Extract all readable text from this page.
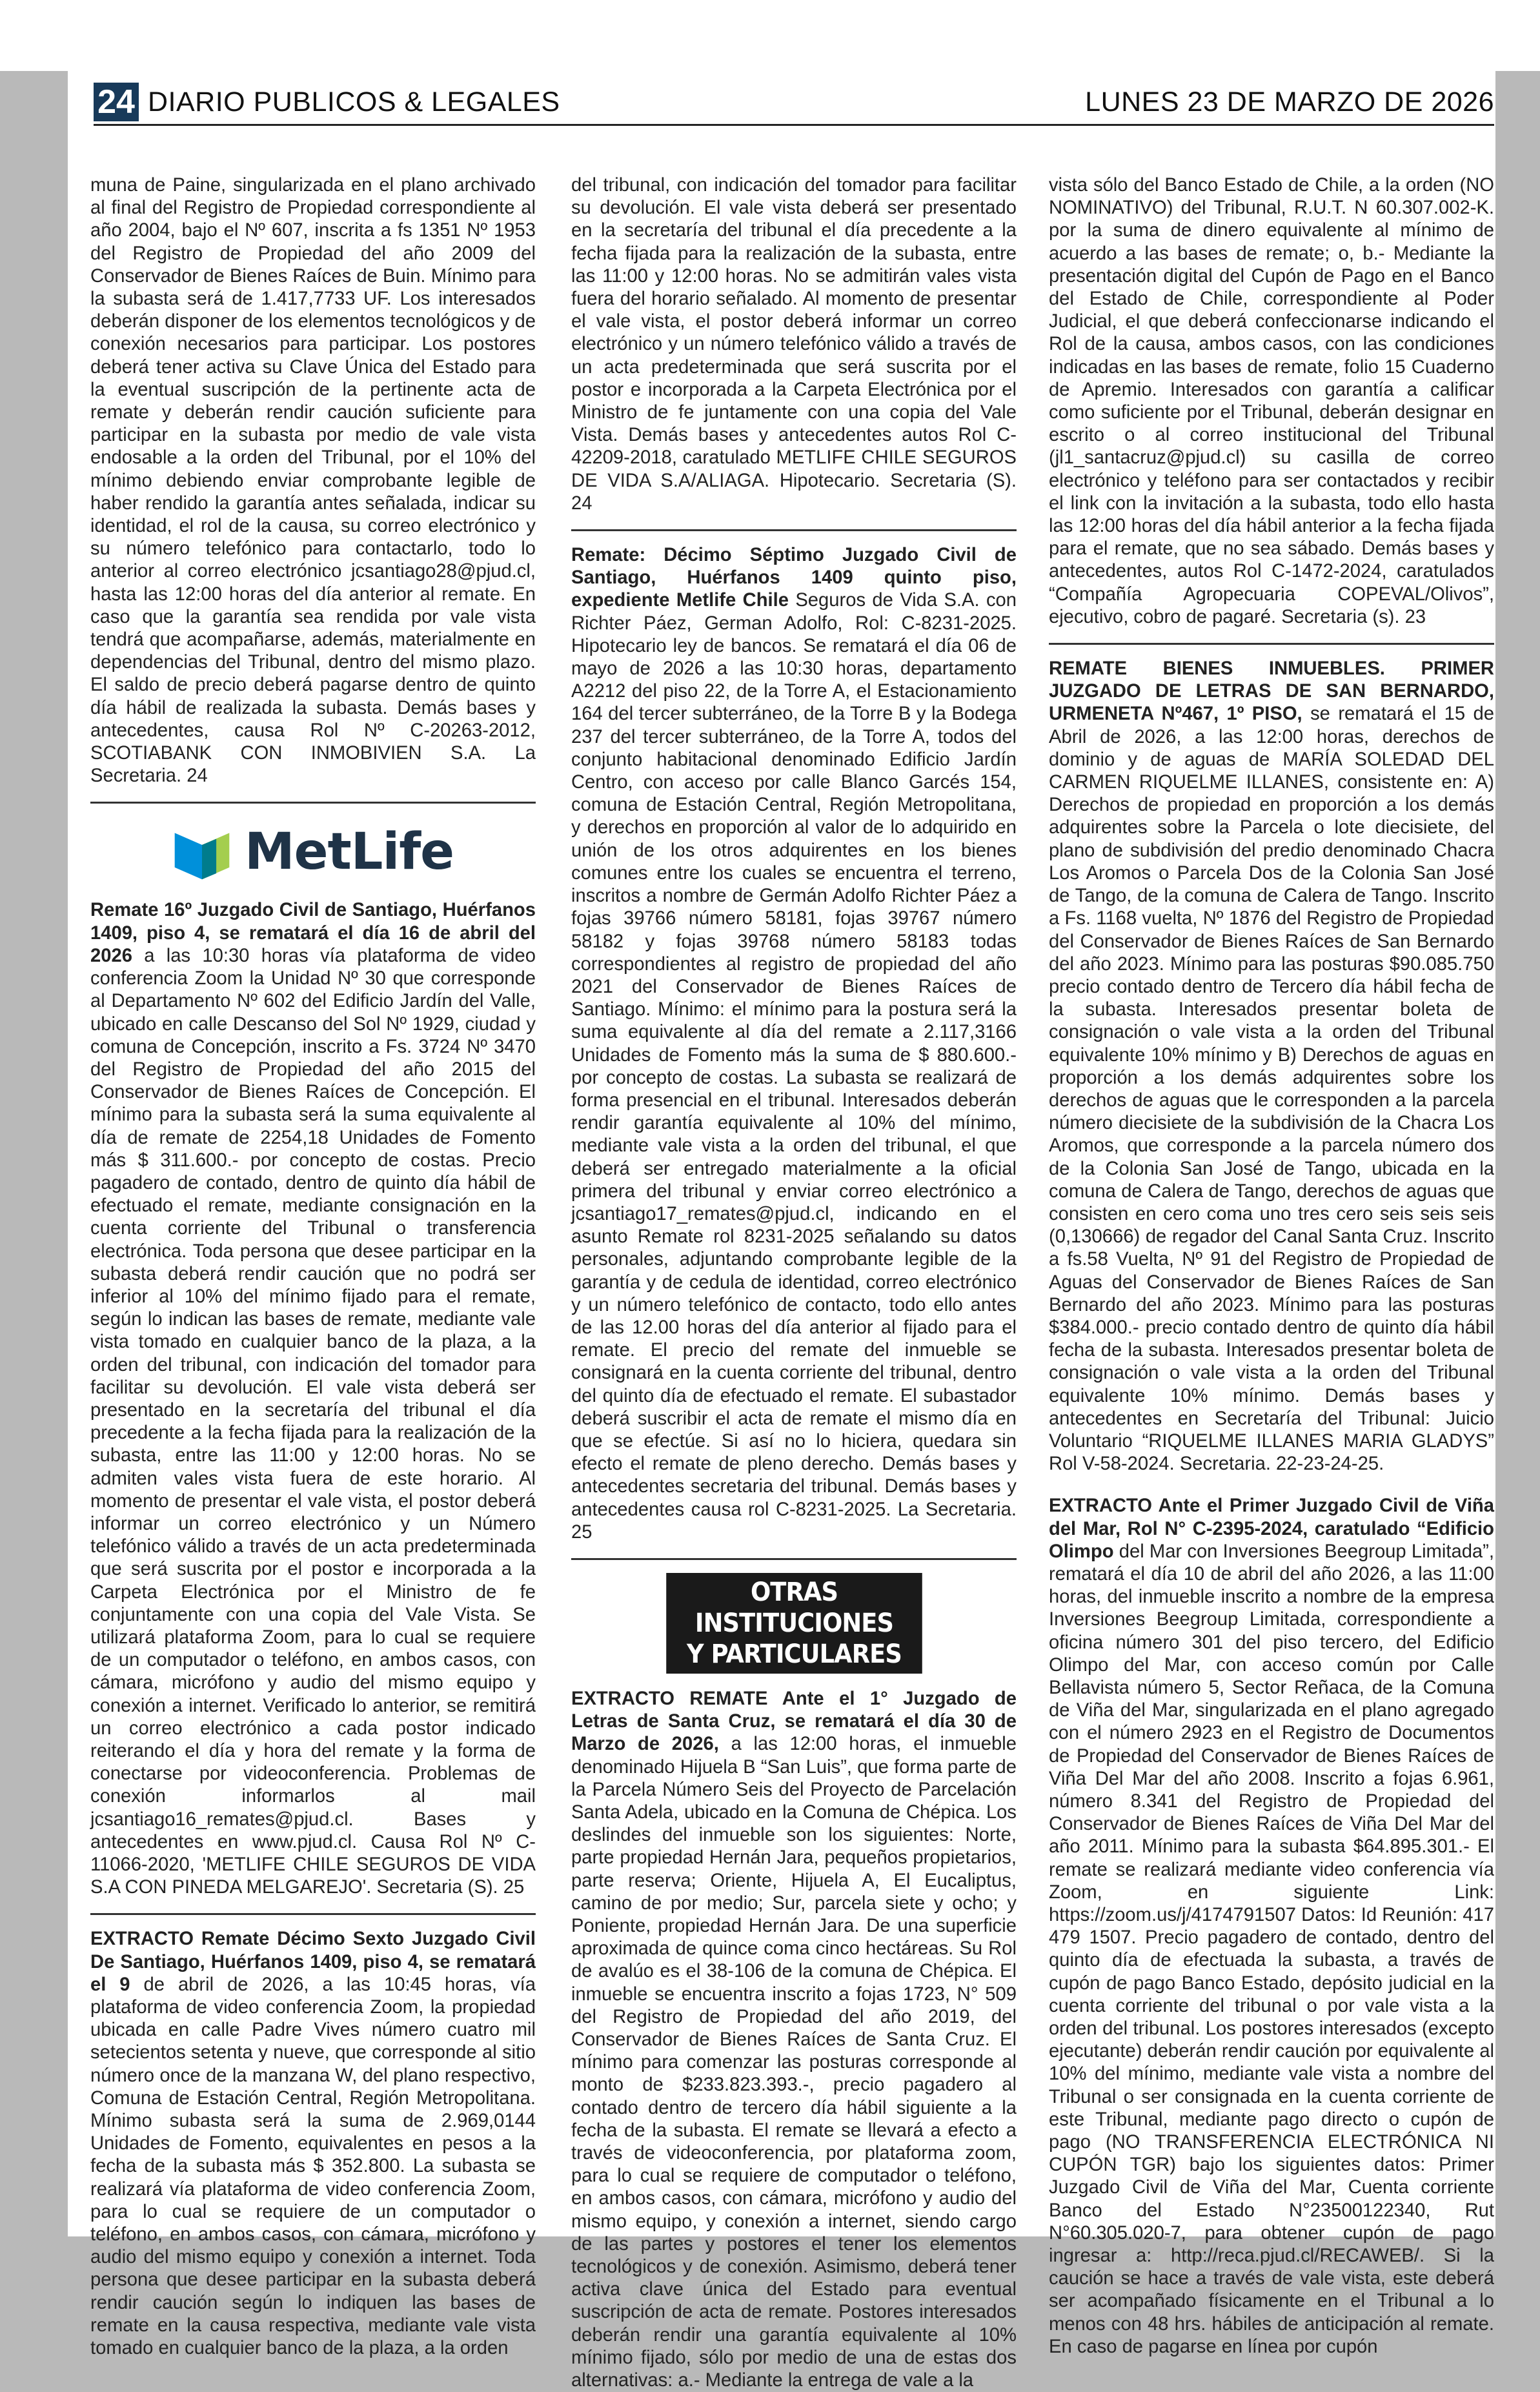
24 DIARIO PUBLICOS & LEGALES	LUNES 23 DE MARZO DE 2026

muna de Paine, singularizada en el plano archivado al final del Registro de Propiedad correspondiente al año 2004, bajo el Nº 607, inscrita a fs 1351 Nº 1953 del Registro de Propiedad del año 2009 del Conservador de Bienes Raíces de Buin. Mínimo para la subasta será de 1.417,7733 UF. Los interesados deberán disponer de los elementos tecnológicos y de conexión necesarios para participar. Los postores deberá tener activa su Clave Única del Estado para la eventual suscripción de la pertinente acta de remate y deberán rendir caución suficiente para participar en la subasta por medio de vale vista endosable a la orden del Tribunal, por el 10% del mínimo debiendo enviar comprobante legible de haber rendido la garantía antes señalada, indicar su identidad, el rol de la causa, su correo electrónico y su número telefónico para contactarlo, todo lo anterior al correo electrónico jcsantiago28@pjud.cl, hasta las 12:00 horas del día anterior al remate. En caso que la garantía sea rendida por vale vista tendrá que acompañarse, además, materialmente en dependencias del Tribunal, dentro del mismo plazo. El saldo de precio deberá pagarse dentro de quinto día hábil de realizada la subasta. Demás bases y antecedentes, causa Rol Nº C-20263-2012, SCOTIABANK CON INMOBIVIEN S.A. La Secretaria. 24

MetLife

Remate 16º Juzgado Civil de Santiago, Huérfanos 1409, piso 4, se rematará el día 16 de abril del 2026 a las 10:30 horas vía plataforma de video conferencia Zoom la Unidad Nº 30 que corresponde al Departamento Nº 602 del Edificio Jardín del Valle, ubicado en calle Descanso del Sol Nº 1929, ciudad y comuna de Concepción, inscrito a Fs. 3724 Nº 3470 del Registro de Propiedad del año 2015 del Conservador de Bienes Raíces de Concepción. El mínimo para la subasta será la suma equivalente al día de remate de 2254,18 Unidades de Fomento más $ 311.600.- por concepto de costas. Precio pagadero de contado, dentro de quinto día hábil de efectuado el remate, mediante consignación en la cuenta corriente del Tribunal o transferencia electrónica. Toda persona que desee participar en la subasta deberá rendir caución que no podrá ser inferior al 10% del mínimo fijado para el remate, según lo indican las bases de remate, mediante vale vista tomado en cualquier banco de la plaza, a la orden del tribunal, con indicación del tomador para facilitar su devolución. El vale vista deberá ser presentado en la secretaría del tribunal el día precedente a la fecha fijada para la realización de la subasta, entre las 11:00 y 12:00 horas. No se admiten vales vista fuera de este horario. Al momento de presentar el vale vista, el postor deberá informar un correo electrónico y un Número telefónico válido a través de un acta predeterminada que será suscrita por el postor e incorporada a la Carpeta Electrónica por el Ministro de fe conjuntamente con una copia del Vale Vista. Se utilizará plataforma Zoom, para lo cual se requiere de un computador o teléfono, en ambos casos, con cámara, micrófono y audio del mismo equipo y conexión a internet. Verificado lo anterior, se remitirá un correo electrónico a cada postor indicado reiterando el día y hora del remate y la forma de conectarse por videoconferencia. Problemas de conexión informarlos al mail jcsantiago16_remates@pjud.cl. Bases y antecedentes en www.pjud.cl. Causa Rol Nº C-11066-2020, 'METLIFE CHILE SEGUROS DE VIDA S.A CON PINEDA MELGAREJO'. Secretaria (S). 25

EXTRACTO Remate Décimo Sexto Juzgado Civil De Santiago, Huérfanos 1409, piso 4, se rematará el 9 de abril de 2026, a las 10:45 horas, vía plataforma de video conferencia Zoom, la propiedad ubicada en calle Padre Vives número cuatro mil setecientos setenta y nueve, que corresponde al sitio número once de la manzana W, del plano respectivo, Comuna de Estación Central, Región Metropolitana. Mínimo subasta será la suma de 2.969,0144 Unidades de Fomento, equivalentes en pesos a la fecha de la subasta más $ 352.800. La subasta se realizará vía plataforma de video conferencia Zoom, para lo cual se requiere de un computador o teléfono, en ambos casos, con cámara, micrófono y audio del mismo equipo y conexión a internet. Toda persona que desee participar en la subasta deberá rendir caución según lo indiquen las bases de remate en la causa respectiva, mediante vale vista tomado en cualquier banco de la plaza, a la orden

del tribunal, con indicación del tomador para facilitar su devolución. El vale vista deberá ser presentado en la secretaría del tribunal el día precedente a la fecha fijada para la realización de la subasta, entre las 11:00 y 12:00 horas. No se admitirán vales vista fuera del horario señalado. Al momento de presentar el vale vista, el postor deberá informar un correo electrónico y un número telefónico válido a través de un acta predeterminada que será suscrita por el postor e incorporada a la Carpeta Electrónica por el Ministro de fe juntamente con una copia del Vale Vista. Demás bases y antecedentes autos Rol C-42209-2018, caratulado METLIFE CHILE SEGUROS DE VIDA S.A/ALIAGA. Hipotecario. Secretaria (S). 24

Remate: Décimo Séptimo Juzgado Civil de Santiago, Huérfanos 1409 quinto piso, expediente Metlife Chile Seguros de Vida S.A. con Richter Páez, German Adolfo, Rol: C-8231-2025. Hipotecario ley de bancos. Se rematará el día 06 de mayo de 2026 a las 10:30 horas, departamento A2212 del piso 22, de la Torre A, el Estacionamiento 164 del tercer subterráneo, de la Torre B y la Bodega 237 del tercer subterráneo, de la Torre A, todos del conjunto habitacional denominado Edificio Jardín Centro, con acceso por calle Blanco Garcés 154, comuna de Estación Central, Región Metropolitana, y derechos en proporción al valor de lo adquirido en unión de los otros adquirentes en los bienes comunes entre los cuales se encuentra el terreno, inscritos a nombre de Germán Adolfo Richter Páez a fojas 39766 número 58181, fojas 39767 número 58182 y fojas 39768 número 58183 todas correspondientes al registro de propiedad del año 2021 del Conservador de Bienes Raíces de Santiago. Mínimo: el mínimo para la postura será la suma equivalente al día del remate a 2.117,3166 Unidades de Fomento más la suma de $ 880.600.- por concepto de costas. La subasta se realizará de forma presencial en el tribunal. Interesados deberán rendir garantía equivalente al 10% del mínimo, mediante vale vista a la orden del tribunal, el que deberá ser entregado materialmente a la oficial primera del tribunal y enviar correo electrónico a jcsantiago17_remates@pjud.cl, indicando en el asunto Remate rol 8231-2025 señalando su datos personales, adjuntando comprobante legible de la garantía y de cedula de identidad, correo electrónico y un número telefónico de contacto, todo ello antes de las 12.00 horas del día anterior al fijado para el remate. El precio del remate del inmueble se consignará en la cuenta corriente del tribunal, dentro del quinto día de efectuado el remate. El subastador deberá suscribir el acta de remate el mismo día en que se efectúe. Si así no lo hiciera, quedara sin efecto el remate de pleno derecho. Demás bases y antecedentes secretaria del tribunal. Demás bases y antecedentes causa rol C-8231-2025. La Secretaria. 25

OTRAS INSTITUCIONES
Y PARTICULARES

EXTRACTO REMATE Ante el 1° Juzgado de Letras de Santa Cruz, se rematará el día 30 de Marzo de 2026, a las 12:00 horas, el inmueble denominado Hijuela B “San Luis”, que forma parte de la Parcela Número Seis del Proyecto de Parcelación Santa Adela, ubicado en la Comuna de Chépica. Los deslindes del inmueble son los siguientes: Norte, parte propiedad Hernán Jara, pequeños propietarios, parte reserva; Oriente, Hijuela A, El Eucaliptus, camino de por medio; Sur, parcela siete y ocho; y Poniente, propiedad Hernán Jara. De una superficie aproximada de quince coma cinco hectáreas. Su Rol de avalúo es el 38-106 de la comuna de Chépica. El inmueble se encuentra inscrito a fojas 1723, N° 509 del Registro de Propiedad del año 2019, del Conservador de Bienes Raíces de Santa Cruz. El mínimo para comenzar las posturas corresponde al monto de $233.823.393.-, precio pagadero al contado dentro de tercero día hábil siguiente a la fecha de la subasta. El remate se llevará a efecto a través de videoconferencia, por plataforma zoom, para lo cual se requiere de computador o teléfono, en ambos casos, con cámara, micrófono y audio del mismo equipo, y conexión a internet, siendo cargo de las partes y postores el tener los elementos tecnológicos y de conexión. Asimismo, deberá tener activa clave única del Estado para eventual suscripción de acta de remate. Postores interesados deberán rendir una garantía equivalente al 10% mínimo fijado, sólo por medio de una de estas dos alternativas: a.- Mediante la entrega de vale a la

vista sólo del Banco Estado de Chile, a la orden (NO NOMINATIVO) del Tribunal, R.U.T. N 60.307.002-K. por la suma de dinero equivalente al mínimo de acuerdo a las bases de remate; o, b.- Mediante la presentación digital del Cupón de Pago en el Banco del Estado de Chile, correspondiente al Poder Judicial, el que deberá confeccionarse indicando el Rol de la causa, ambos casos, con las condiciones indicadas en las bases de remate, folio 15 Cuaderno de Apremio. Interesados con garantía a calificar como suficiente por el Tribunal, deberán designar en escrito o al correo institucional del Tribunal (jl1_santacruz@pjud.cl) su casilla de correo electrónico y teléfono para ser contactados y recibir el link con la invitación a la subasta, todo ello hasta las 12:00 horas del día hábil anterior a la fecha fijada para el remate, que no sea sábado. Demás bases y antecedentes, autos Rol C-1472-2024, caratulados “Compañía Agropecuaria COPEVAL/Olivos”, ejecutivo, cobro de pagaré. Secretaria (s). 23

REMATE BIENES INMUEBLES. PRIMER JUZGADO DE LETRAS DE SAN BERNARDO, URMENETA Nº467, 1º PISO, se rematará el 15 de Abril de 2026, a las 12:00 horas, derechos de dominio y de aguas de MARÍA SOLEDAD DEL CARMEN RIQUELME ILLANES, consistente en: A) Derechos de propiedad en proporción a los demás adquirentes sobre la Parcela o lote diecisiete, del plano de subdivisión del predio denominado Chacra Los Aromos o Parcela Dos de la Colonia San José de Tango, de la comuna de Calera de Tango. Inscrito a Fs. 1168 vuelta, Nº 1876 del Registro de Propiedad del Conservador de Bienes Raíces de San Bernardo del año 2023. Mínimo para las posturas $90.085.750 precio contado dentro de Tercero día hábil fecha de la subasta. Interesados presentar boleta de consignación o vale vista a la orden del Tribunal equivalente 10% mínimo y B) Derechos de aguas en proporción a los demás adquirentes sobre los derechos de aguas que le corresponden a la parcela número diecisiete de la subdivisión de la Chacra Los Aromos, que corresponde a la parcela número dos de la Colonia San José de Tango, ubicada en la comuna de Calera de Tango, derechos de aguas que consisten en cero coma uno tres cero seis seis seis (0,130666) de regador del Canal Santa Cruz. Inscrito a fs.58 Vuelta, Nº 91 del Registro de Propiedad de Aguas del Conservador de Bienes Raíces de San Bernardo del año 2023. Mínimo para las posturas $384.000.- precio contado dentro de quinto día hábil fecha de la subasta. Interesados presentar boleta de consignación o vale vista a la orden del Tribunal equivalente 10% mínimo. Demás bases y antecedentes en Secretaría del Tribunal: Juicio Voluntario “RIQUELME ILLANES MARIA GLADYS” Rol V-58-2024. Secretaria. 22-23-24-25.

EXTRACTO Ante el Primer Juzgado Civil de Viña del Mar, Rol N° C-2395-2024, caratulado “Edificio Olimpo del Mar con Inversiones Beegroup Limitada”, rematará el día 10 de abril del año 2026, a las 11:00 horas, del inmueble inscrito a nombre de la empresa Inversiones Beegroup Limitada, correspondiente a oficina número 301 del piso tercero, del Edificio Olimpo del Mar, con acceso común por Calle Bellavista número 5, Sector Reñaca, de la Comuna de Viña del Mar, singularizada en el plano agregado con el número 2923 en el Registro de Documentos de Propiedad del Conservador de Bienes Raíces de Viña Del Mar del año 2008. Inscrito a fojas 6.961, número 8.341 del Registro de Propiedad del Conservador de Bienes Raíces de Viña Del Mar del año 2011. Mínimo para la subasta $64.895.301.- El remate se realizará mediante video conferencia vía Zoom, en siguiente Link: https://zoom.us/j/4174791507 Datos: Id Reunión: 417 479 1507. Precio pagadero de contado, dentro del quinto día de efectuada la subasta, a través de cupón de pago Banco Estado, depósito judicial en la cuenta corriente del tribunal o por vale vista a la orden del tribunal. Los postores interesados (excepto ejecutante) deberán rendir caución por equivalente al 10% del mínimo, mediante vale vista a nombre del Tribunal o ser consignada en la cuenta corriente de este Tribunal, mediante pago directo o cupón de pago (NO TRANSFERENCIA ELECTRÓNICA NI CUPÓN TGR) bajo los siguientes datos: Primer Juzgado Civil de Viña del Mar, Cuenta corriente Banco del Estado N°23500122340, Rut N°60.305.020-7, para obtener cupón de pago ingresar a: http://reca.pjud.cl/RECAWEB/. Si la caución se hace a través de vale vista, este deberá ser acompañado físicamente en el Tribunal a lo menos con 48 hrs. hábiles de anticipación al remate. En caso de pagarse en línea por cupón
